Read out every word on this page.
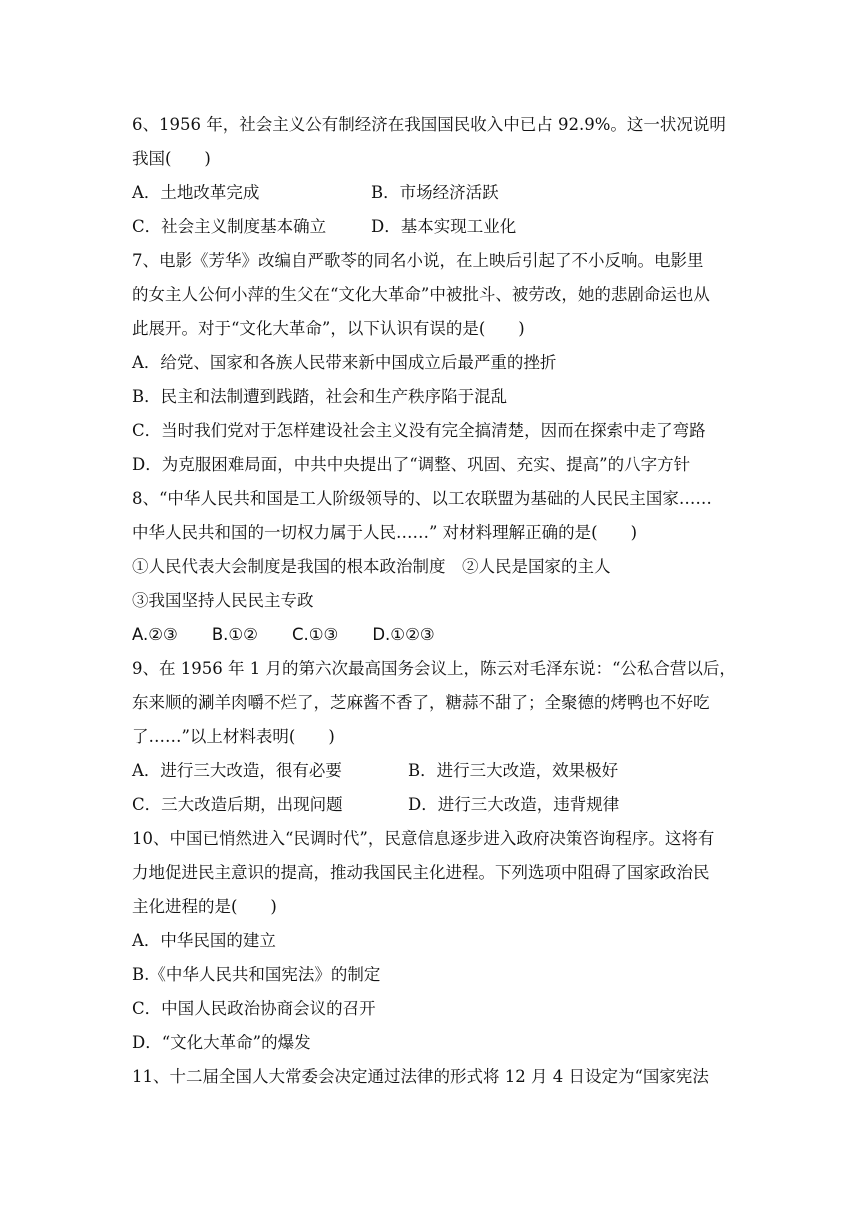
6、1956 年，社会主义公有制经济在我国国民收入中已占 92.9%。这一状况说明
我国(　　)
A．土地改革完成	B．市场经济活跃
C．社会主义制度基本确立	D．基本实现工业化
7、电影《芳华》改编自严歌苓的同名小说，在上映后引起了不小反响。电影里
的女主人公何小萍的生父在“文化大革命”中被批斗、被劳改，她的悲剧命运也从
此展开。对于“文化大革命”，以下认识有误的是(　　)
A．给党、国家和各族人民带来新中国成立后最严重的挫折
B．民主和法制遭到践踏，社会和生产秩序陷于混乱
C．当时我们党对于怎样建设社会主义没有完全搞清楚，因而在探索中走了弯路
D．为克服困难局面，中共中央提出了“调整、巩固、充实、提高”的八字方针
8、“中华人民共和国是工人阶级领导的、以工农联盟为基础的人民民主国家……
中华人民共和国的一切权力属于人民……” 对材料理解正确的是(　　)
①人民代表大会制度是我国的根本政治制度　②人民是国家的主人
③我国坚持人民民主专政
A.②③ B.①② C.①③ D.①②③
9、在 1956 年 1 月的第六次最高国务会议上，陈云对毛泽东说：“公私合营以后，
东来顺的涮羊肉嚼不烂了，芝麻酱不香了，糖蒜不甜了；全聚德的烤鸭也不好吃
了……”以上材料表明(　　)
A．进行三大改造，很有必要	B．进行三大改造，效果极好
C．三大改造后期，出现问题	D．进行三大改造，违背规律
10、中国已悄然进入“民调时代”，民意信息逐步进入政府决策咨询程序。这将有
力地促进民主意识的提高，推动我国民主化进程。下列选项中阻碍了国家政治民
主化进程的是(　　)
A．中华民国的建立
B.《中华人民共和国宪法》的制定
C．中国人民政治协商会议的召开
D．“文化大革命”的爆发
11、十二届全国人大常委会决定通过法律的形式将 12 月 4 日设定为“国家宪法
